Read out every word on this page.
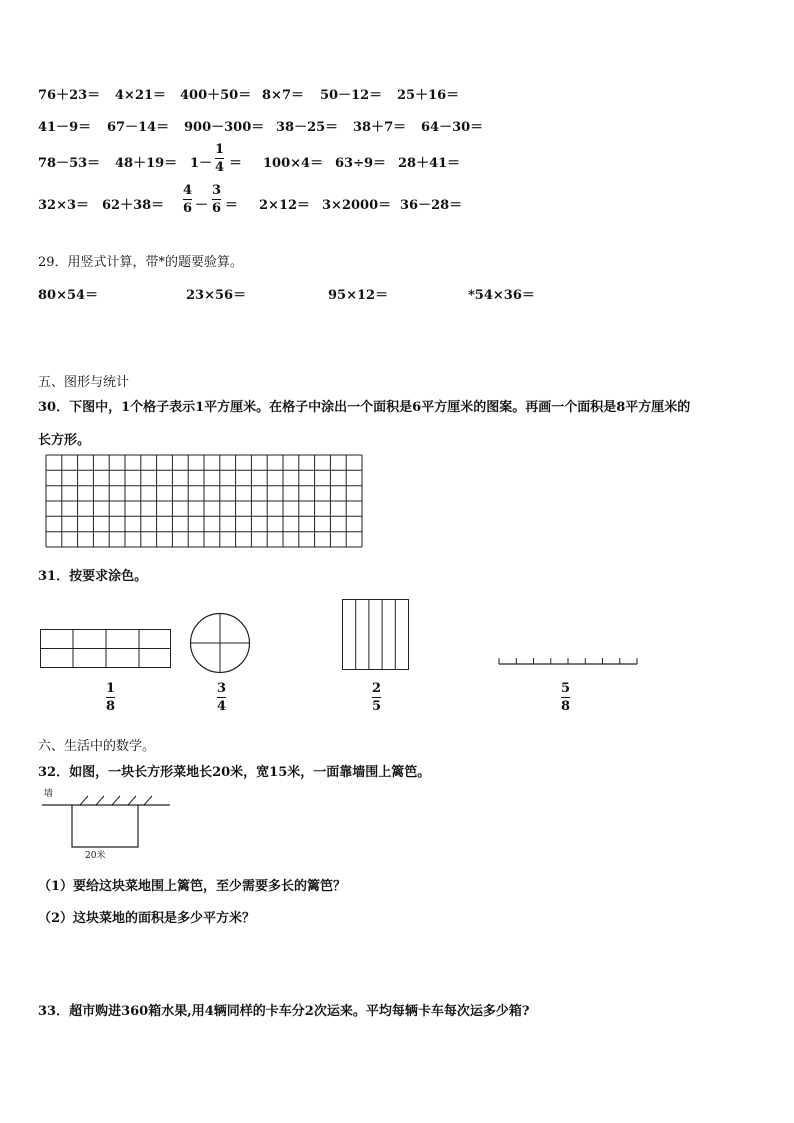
76＋23＝ 4×21＝ 400＋50＝ 8×7＝ 50－12＝ 25＋16＝
41－9＝ 67－14＝ 900－300＝ 38－25＝ 38＋7＝ 64－30＝
78－53＝ 48＋19＝ 1－
1
4 ＝ 100×4＝ 63÷9＝ 28＋41＝
32×3＝ 62＋38＝
4
6 －
3
6 ＝ 2×12＝ 3×2000＝ 36－28＝
29．用竖式计算，带*的题要验算。
80×54＝	23×56＝	95×12＝	*54×36＝
五、图形与统计
30．下图中，1个格子表示1平方厘米。在格子中涂出一个面积是6平方厘米的图案。再画一个面积是8平方厘米的
长方形。
31．按要求涂色。
1
8
3
4
2
5
5
8
六、生活中的数学。
32．如图，一块长方形菜地长20米，宽15米，一面靠墙围上篱笆。
墙
20米
（1）要给这块菜地围上篱笆，至少需要多长的篱笆？
（2）这块菜地的面积是多少平方米？
33．超市购进360箱水果,用4辆同样的卡车分2次运来。平均每辆卡车每次运多少箱?
